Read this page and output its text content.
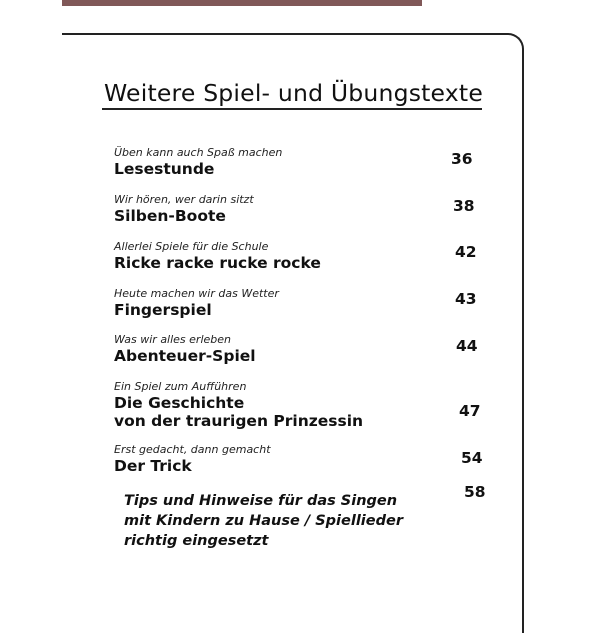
Weitere Spiel- und Übungstexte
Üben kann auch Spaß machen
Lesestunde
36
Wir hören, wer darin sitzt
Silben-Boote
38
Allerlei Spiele für die Schule
Ricke racke rucke rocke
42
Heute machen wir das Wetter
Fingerspiel
43
Was wir alles erleben
Abenteuer-Spiel
44
Ein Spiel zum Aufführen
Die Geschichte
von der traurigen Prinzessin
47
Erst gedacht, dann gemacht
Der Trick	54
Tips und Hinweise für das Singen
mit Kindern zu Hause / Spiellieder
richtig eingesetzt
58
